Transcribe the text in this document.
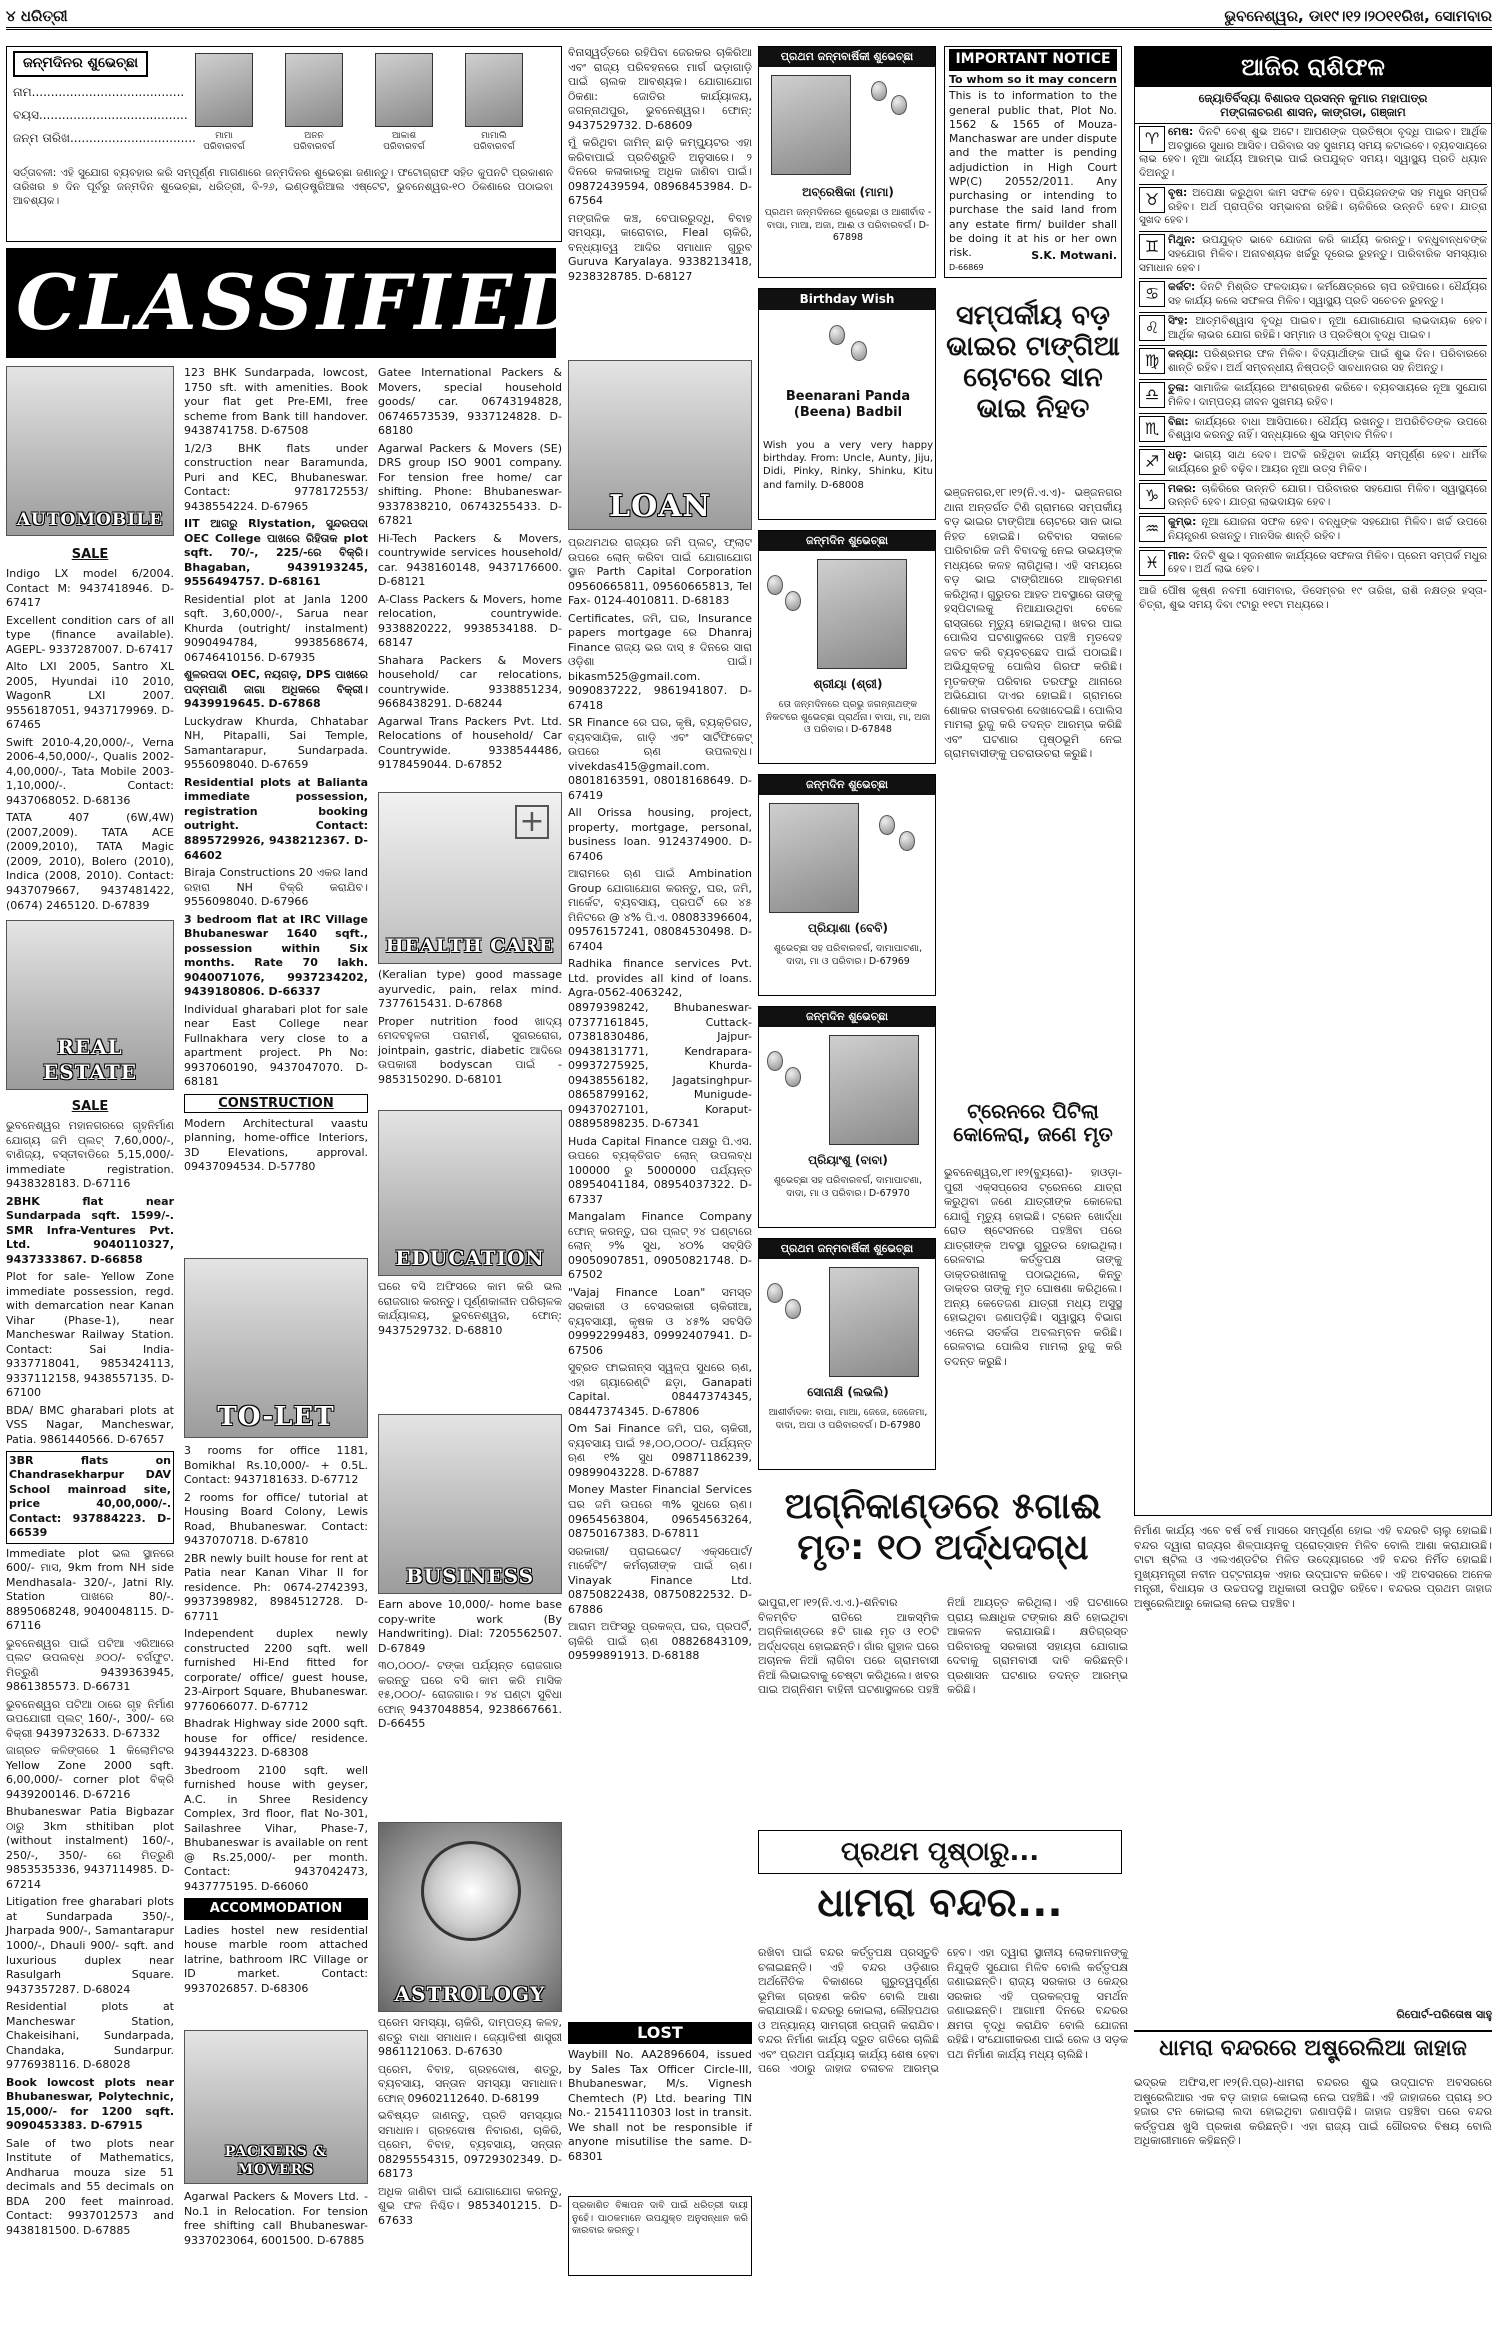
୪ ଧରିତ୍ରୀ	ଭୁବନେଶ୍ୱର, ଡା୧୯।୧୨।୨୦୧୧ରିଖ, ସୋମବାର
ଜନ୍ମଦିନର ଶୁଭେଚ୍ଛା
ନାମ........................................
ବୟସ.......................................
ଜନ୍ମ ତାରିଖ.................................	ମାମା
ପରିବାରବର୍ଗ
ଅନନ
ପରିବାରବର୍ଗ
ଆକାଶ
ପରିବାରବର୍ଗ
ମାମାଲି
ପରିବାରବର୍ଗ
ସର୍ତ୍ତାବଳୀ: ଏହି ସୁଯୋଗ ବ୍ୟବହାର କରି ସମ୍ପୂର୍ଣ୍ଣ ମାଗଣାରେ ଜନ୍ମଦିନର ଶୁଭେଚ୍ଛା ଜଣାନ୍ତୁ। ଫଟୋଗ୍ରାଫ ସହିତ କୁପନଟି ପ୍ରକାଶନ ତାରିଖର ୭ ଦିନ ପୂର୍ବରୁ ଜନ୍ମଦିନ ଶୁଭେଚ୍ଛା, ଧରିତ୍ରୀ, ବି-୨୬, ଇଣ୍ଡଷ୍ଟ୍ରିଆଲ ଏଷ୍ଟେଟ, ଭୁବନେଶ୍ୱର-୧୦ ଠିକଣାରେ ପଠାଇବା ଆବଶ୍ୟକ।
CLASSIFIED
AUTOMOBILE
SALE

Indigo LX model 6/2004. Contact M: 9437418946. D-67417

Excellent condition cars of all type (finance available). AGEPL- 9337287007. D-67417

Alto LXI 2005, Santro XL 2005, Hyundai i10 2010, WagonR LXI 2007. 9556187051, 9437179969. D-67465

Swift 2010-4,20,000/-, Verna 2006-4,50,000/-, Qualis 2002-4,00,000/-, Tata Mobile 2003-1,10,000/-. Contact: 9437068052. D-68136

TATA 407 (6W,4W) (2007,2009). TATA ACE (2009,2010), TATA Magic (2009, 2010), Bolero (2010), Indica (2008, 2010). Contact: 9437079667, 9437481422, (0674) 2465120. D-67839

REAL ESTATE
SALE

ଭୁବନେଶ୍ୱର ମହାନଗରରେ ଗୃହନିର୍ମାଣ ଯୋଗ୍ୟ ଜମି ପ୍ଲଟ୍ 7,60,000/-, ବାଣିଜ୍ୟ, ବସ୍ତୀବାଡିରେ 5,15,000/- immediate registration. 9438328183. D-67116

2BHK flat near Sundarpada sqft. 1599/-. SMR Infra-Ventures Pvt. Ltd. 9040110327, 9437333867. D-66858

Plot for sale- Yellow Zone immediate possession, regd. with demarcation near Kanan Vihar (Phase-1), near Mancheswar Railway Station. Contact: Sai India- 9337718041, 9853424113, 9337112158, 9438557135. D-67100

BDA/ BMC gharabari plots at VSS Nagar, Mancheswar, Patia. 9861440566. D-67657

3BR flats on Chandrasekharpur DAV School mainroad site, price 40,00,000/-. Contact: 937884223. D-66539

Immediate plot ଭଲ ସ୍ଥାନରେ 600/- ମାସ, 9km from NH side Mendhasala- 320/-, Jatni Rly. Station ପାଖରେ 80/-. 8895068248, 9040048115. D-67116

ଭୁବନେଶ୍ୱର ପାଇଁ ପଟିଆ ଏରିଆରେ ପ୍ଲଟ ଉପଲବ୍ଧ ୬୦୦/- ବର୍ଗଫୁଟ. ମିତ୍ରୁଣି 9439363945, 9861385573. D-66731

ଭୁବନେଶ୍ୱର ପଟିଆ ଠାରେ ଗୃହ ନିର୍ମାଣ ଉପଯୋଗୀ ପ୍ଲଟ୍ 160/-, 300/- ରେ ବିକ୍ରୀ 9439732633. D-67332

ଜାଗ୍ରତ କଳିଙ୍ଗରେ 1 କିଲୋମିଟର Yellow Zone 2000 sqft. 6,00,000/- corner plot ବିକ୍ରି 9439200146. D-67216

Bhubaneswar Patia Bigbazar ଠାରୁ 3km sthitiban plot (without instalment) 160/-, 250/-, 350/- ରେ ମିତ୍ରୁଣି 9853535336, 9437114985. D-67214

Litigation free gharabari plots at Sundarpada 350/-, Jharpada 900/-, Samantarapur 1000/-, Dhauli 900/- sqft. and luxurious duplex near Rasulgarh Square. 9437357287. D-68024

Residential plots at Mancheswar Station, Chakeisihani, Sundarpada, Chandaka, Sundarpur. 9776938116. D-68028

Book lowcost plots near Bhubaneswar, Polytechnic, 15,000/- for 1200 sqft. 9090453383. D-67915

Sale of two plots near Institute of Mathematics, Andharua mouza size 51 decimals and 55 decimals on BDA 200 feet mainroad. Contact: 9937012573 and 9438181500. D-67885

123 BHK Sundarpada, lowcost, 1750 sft. with amenities. Book your flat get Pre-EMI, free scheme from Bank till handover. 9438741758. D-67508

1/2/3 BHK flats under construction near Baramunda, Puri and KEC, Bhubaneswar. Contact: 9778172553/ 9438554224. D-67965

IIT ଆଗରୁ Rlystation, ସୁନ୍ଦରପଦା OEC College ପାଖରେ ରିହିତାକ plot sqft. 70/-, 225/-ରେ ବିକ୍ରି। Bhagaban, 9439193245, 9556494757. D-68161

Residential plot at Janla 1200 sqft. 3,60,000/-, Sarua near Khurda (outright/ instalment) 9090494784, 9938568674, 06746410156. D-67935

ଶୁଳରପଦା OEC, ନୟଗଡ଼, DPS ପାଖରେ ପଦ୍ମପାଣି ଜାଗା ଅଧିକରେ ବିକ୍ରୀ। 9439919645. D-67868

Luckydraw Khurda, Chhatabar NH, Pitapalli, Sai Temple, Samantarapur, Sundarpada. 9556098040. D-67659

Residential plots at Balianta immediate possession, registration booking outright. Contact: 8895729926, 9438212367. D-64602

Biraja Constructions 20 ଏକର land ରହାରା NH ବିକ୍ରି କରାଯିବ। 9556098040. D-67966

3 bedroom flat at IRC Village Bhubaneswar 1640 sqft., possession within Six months. Rate 70 lakh. 9040071076, 9937234202, 9439180806. D-66337

Individual gharabari plot for sale near East College near Fullnakhara very close to a apartment project. Ph No: 9937060190, 9437047070. D-68181

CONSTRUCTION

Modern Architectural vaastu planning, home-office Interiors, 3D Elevations, approval. 09437094534. D-57780

TO-LET

3 rooms for office 1181, Bomikhal Rs.10,000/- + 0.5L. Contact: 9437181633. D-67712

2 rooms for office/ tutorial at Housing Board Colony, Lewis Road, Bhubaneswar. Contact: 9437070718. D-67810

2BR newly built house for rent at Patia near Kanan Vihar II for residence. Ph: 0674-2742393, 9937398982, 8984512728. D-67711

Independent duplex newly constructed 2200 sqft. well furnished Hi-End fitted for corporate/ office/ guest house, 23-Airport Square, Bhubaneswar. 9776066077. D-67712

Bhadrak Highway side 2000 sqft. house for office/ residence. 9439443223. D-68308

3bedroom 2100 sqft. well furnished house with geyser, A.C. in Shree Residency Complex, 3rd floor, flat No-301, Sailashree Vihar, Phase-7, Bhubaneswar is available on rent @ Rs.25,000/- per month. Contact: 9437042473, 9437775195. D-66060

ACCOMMODATION

Ladies hostel new residential house marble room attached latrine, bathroom IRC Village or ID market. Contact: 9937026857. D-68306

PACKERS & MOVERS
Agarwal Packers & Movers Ltd. - No.1 in Relocation. For tension free shifting call Bhubaneswar- 9337023064, 6001500. D-67885

Gatee International Packers & Movers, special household goods/ car. 06743194828, 06746573539, 9337124828. D-68180

Agarwal Packers & Movers (SE) DRS group ISO 9001 company. For tension free home/ car shifting. Phone: Bhubaneswar- 9337838210, 06743255433. D-67821

Hi-Tech Packers & Movers, countrywide services household/ car. 9438160148, 9437176600. D-68121

A-Class Packers & Movers, home relocation, countrywide. 9338820222, 9938534188. D-68147

Shahara Packers & Movers household/ car relocations, countrywide. 9338851234, 9668438291. D-68244

Agarwal Trans Packers Pvt. Ltd. Relocations of household/ Car Countrywide. 9338544486, 9178459044. D-67852

+
HEALTH CARE

(Keralian type) good massage ayurvedic, pain, relax mind. 7377615431. D-67868

Proper nutrition food ଖାଦ୍ୟ ମେଦବହୁଳତା ପରାମର୍ଶ, ସୁଗରରୋଗ, jointpain, gastric, diabetic ଆଦିରେ ଉପକାରୀ bodyscan ପାଇଁ - 9853150290. D-68101

EDUCATION
ଘରେ ବସି ଅଫିସରେ କାମ କରି ଭଲ ରୋଜଗାର କରନ୍ତୁ। ପୂର୍ଣ୍ଣକାଳୀନ ପରିଚାଳକ କାର୍ଯ୍ୟାଳୟ, ଭୁବନେଶ୍ୱର, ଫୋନ୍: 9437529732. D-68810
BUSINESS

Earn above 10,000/- home base copy-write work (By Handwriting). Dial: 7205562507. D-67849

୩୦,୦୦୦/- ଟଙ୍କା ପର୍ଯ୍ୟନ୍ତ ରୋଜଗାର କରନ୍ତୁ ଘରେ ବସି କାମ କରି ମାସିକ ୧୫,୦୦୦/- ରୋଜଗାର। ୨୪ ଘଣ୍ଟା ସୁବିଧା ଫୋନ୍ 9437048854, 9238667661. D-66455

ASTROLOGY

ପ୍ରେମ ସମସ୍ୟା, ଚାକିରି, ଦାମ୍ପତ୍ୟ କଳହ, ଶତ୍ରୁ ବାଧା ସମାଧାନ। ଜ୍ୟୋତିଷୀ ଶାସ୍ତ୍ରୀ 9861121063. D-67630

ପ୍ରେମ, ବିବାହ, ଗ୍ରହଦୋଷ, ଶତ୍ରୁ, ବ୍ୟବସାୟ, ସନ୍ତାନ ସମସ୍ୟା ସମାଧାନ। ଫୋନ୍ 09602112640. D-68199

ଭବିଷ୍ୟତ ଜାଣନ୍ତୁ, ପ୍ରତି ସମସ୍ୟାର ସମାଧାନ। ଗ୍ରହଦୋଷ ନିବାରଣ, ଚାକିରି, ପ୍ରେମ, ବିବାହ, ବ୍ୟବସାୟ, ସନ୍ତାନ 08295554315, 09729302349. D-68173

ଅଧିକ ଜାଣିବା ପାଇଁ ଯୋଗାଯୋଗ କରନ୍ତୁ, ଶୁଭ ଫଳ ନିଶ୍ଚିତ। 9853401215. D-67633

ବିନାସ୍ୱର୍ତ୍ତରେ ରହିପିବା ଜେରକର ଚାକିରିଆ ଏବଂ ରାଜ୍ୟ ପରିବହନରେ ମାର୍ଗ ଭଡ଼ାଗାଡ଼ି ପାଇଁ ଚାଲକ ଆବଶ୍ୟକ। ଯୋଗାଯୋଗ ଠିକଣା: ଜୋତିର କାର୍ଯ୍ୟାଳୟ, ଜଗନ୍ନାଥପୁର, ଭୁବନେଶ୍ୱର। ଫୋନ୍: 9437529732. D-68609

ମୁଁ କରିଥିବା ଜାମିନ୍ ଛାଡ଼ି କମ୍ପ୍ୟୁଟର ଏହା କରିବାପାଇଁ ପ୍ରତିଶ୍ରୁତି ଅନୁସାରେ। ୨ ଦିନରେ କଳାକାରକୁ ଅଧିକ ଜାଣିବା ପାଇଁ। 09872439594, 08968453984. D-67564

ମଙ୍ଗଳିକ କଞ୍ଚ, ବେପାରରୁଦ୍ଧି, ବିବାହ ସମସ୍ୟା, କାରୋବାର, Fleal ଚାକିରି, ବନ୍ଧ୍ୟାତ୍ୱ ଆଦିର ସମାଧାନ ଗୁରୁବ Guruva Karyalaya. 9338213418, 9238328785. D-68127

LOAN

ପ୍ରଥମଥର ରାଜ୍ୟର ଜମି ପ୍ଲଟ୍, ଫ୍ଲାଟ ଉପରେ ଲୋନ୍ କରିବା ପାଇଁ ଯୋଗାଯୋଗ ସ୍ଥାନ Parth Capital Corporation 09560665811, 09560665813, Tel Fax- 0124-4010811. D-68183

Certificates, ଜମି, ଘର, Insurance papers mortgage ରେ Dhanraj Finance ରାଜ୍ୟ ଭର ଦାସ୍ ୫ ଦିନରେ ସାରା ଓଡ଼ିଶା ପାଇଁ। bikasm525@gmail.com. 9090837222, 9861941807. D-67418

SR Finance ରେ ଘର, କୃଷି, ବ୍ୟକ୍ତିଗତ, ବ୍ୟବସାୟିକ, ଗାଡ଼ି ଏବଂ ସାର୍ଟିଫିକେଟ୍ ଉପରେ ଋଣ ଉପଲବ୍ଧ। vivekdas415@gmail.com. 08018163591, 08018168649. D-67419

All Orissa housing, project, property, mortgage, personal, business loan. 9124374900. D-67406

ଆରାମରେ ଋଣ ପାଇଁ Ambination Group ଯୋଗାଯୋଗ କରନ୍ତୁ, ଘର, ଜମି, ମାର୍କେଟ, ବ୍ୟବସାୟ, ପ୍ରପର୍ଟି ରେ ୪୫ ମିନିଟରେ @ ୪% ପି.ଏ. 08083396604, 09576157241, 08084530498. D-67404

Radhika finance services Pvt. Ltd. provides all kind of loans. Agra-0562-4063242, 08979398242, Bhubaneswar-07377161845, Cuttack-07381830486, Jajpur-09438131771, Kendrapara-09937275925, Khurda-09438556182, Jagatsinghpur-08658799162, Munigude-09437027101, Koraput-08895898235. D-67341

Huda Capital Finance ପକ୍ଷରୁ ପି.ଏସ. ଉପରେ ବ୍ୟକ୍ତିଗତ ଲୋନ୍ ଉପଲବ୍ଧ 100000 ରୁ 5000000 ପର୍ଯ୍ୟନ୍ତ 08954041184, 08954037322. D-67337

Mangalam Finance Company ଫୋନ୍ କରନ୍ତୁ, ଘର ପ୍ଲଟ୍ ୨୪ ଘଣ୍ଟାରେ ଲୋନ୍ ୨% ସୁଧ, ୪୦% ସବ୍‌ସିଡି 09050907851, 09050821748. D-67502

"Vajaj Finance Loan" ସମସ୍ତ ସରକାରୀ ଓ ବେସରକାରୀ ଚାକିରୀଆ, ବ୍ୟବସାୟୀ, କୃଷକ ଓ ୪୫% ସବସିଡି 09992299483, 09992407941. D-67506

ସୁବ୍ରତ ଫାଇନାନ୍ସ ସ୍ୱଳ୍ପ ସୁଧରେ ଋଣ, ଏହା ଗ୍ୟାରେଣ୍ଟି ଛଡ଼ା, Ganapati Capital. 08447374345, 08447374345. D-67806

Om Sai Finance ଜମି, ଘର, ଚାକିରୀ, ବ୍ୟବସାୟ ପାଇଁ ୨୫,୦୦,୦୦୦/- ପର୍ଯ୍ୟନ୍ତ ଋଣ ୧% ସୁଧ 09871186239, 09899043228. D-67887

Money Master Financial Services ଘର ଜମି ଉପରେ ୩% ସୁଧରେ ଋଣ। 09654563804, 09654563264, 08750167383. D-67811

ସରକାରୀ/ ପ୍ରାଇଭେଟ/ ଏକ୍ସପୋର୍ଟ/ ମାର୍କେଟିଂ/ କର୍ମଚାରୀଙ୍କ ପାଇଁ ଋଣ। Vinayak Finance Ltd. 08750822438, 08750822532. D-67886

ଆରାମ ଅଫିସରୁ ପ୍ରକଳ୍ପ, ଘର, ପ୍ରପର୍ଟି, ଚାକିରି ପାଇଁ ଋଣ 08826843109, 09599891913. D-68188

LOST
Waybill No. AA2896604, issued by Sales Tax Officer Circle-III, Bhubaneswar, M/s. Vignesh Chemtech (P) Ltd. bearing TIN No.- 21541110303 lost in transit. We shall not be responsible if anyone misutilise the same. D-68301
ପ୍ରକାଶିତ ବିଜ୍ଞାପନ ଦାବି ପାଇଁ ଧରିତ୍ରୀ ଦାୟୀ ନୁହେଁ। ପାଠକମାନେ ଉପଯୁକ୍ତ ଅନୁସନ୍ଧାନ କରି କାରବାର କରନ୍ତୁ।
ପ୍ରଥମ ଜନ୍ମବାର୍ଷିକୀ ଶୁଭେଚ୍ଛା
ଅବ୍ରେଷିକା (ମାମା)
ପ୍ରଥମ ଜନ୍ମଦିନରେ ଶୁଭେଚ୍ଛା ଓ ଆଶୀର୍ବାଦ - ବାପା, ମାଆ, ଅଜା, ଆଈ ଓ ପରିବାରବର୍ଗ। D-67898
Birthday Wish
Beenarani Panda (Beena) Badbil
Wish you a very very happy birthday. From: Uncle, Aunty, Jiju, Didi, Pinky, Rinky, Shinku, Kitu and family. D-68008
ଜନ୍ମଦିନ ଶୁଭେଚ୍ଛା
ଶ୍ରୀୟା (ଶ୍ରୀ)
ତୋ ଜନ୍ମଦିନରେ ପ୍ରଭୁ ଜଗନ୍ନାଥଙ୍କ ନିକଟରେ ଶୁଭେଚ୍ଛା ପ୍ରାର୍ଥନା। ବାପା, ମା, ଅଜା ଓ ପରିବାର। D-67848
ଜନ୍ମଦିନ ଶୁଭେଚ୍ଛା
ପ୍ରିୟାଶା (ବେବି)
ଶୁଭେଚ୍ଛା ସହ ପରିବାରବର୍ଗ, ଦାମାପାଟଣା, ଦାଦା, ମା ଓ ପରିବାର। D-67969
ଜନ୍ମଦିନ ଶୁଭେଚ୍ଛା
ପ୍ରିୟାଂଶୁ (ବାବା)
ଶୁଭେଚ୍ଛା ସହ ପରିବାରବର୍ଗ, ଦାମାପାଟଣା, ଦାଦା, ମା ଓ ପରିବାର। D-67970
ପ୍ରଥମ ଜନ୍ମବାର୍ଷିକୀ ଶୁଭେଚ୍ଛା
ସୋନାକ୍ଷି (ଲଭଲି)
ଆଶୀର୍ବାଦକ: ବାପା, ମାଆ, ଜେଜେ, ଜେଜେମା, ଦାଦା, ଅପା ଓ ପରିବାରବର୍ଗ। D-67980
IMPORTANT NOTICE
To whom so it may concern
This is to information to the general public that, Plot No. 1562 & 1565 of Mouza- Manchaswar are under dispute and the matter is pending adjudiction in High Court WP(C) 20552/2011. Any purchasing or intending to purchase the said land from any estate firm/ builder shall be doing it at his or her own risk.	S.K. Motwani.
D-66869
ସମ୍ପର୍କୀୟ ବଡ଼ ଭାଇର ଟାଙ୍ଗିଆ ଚୋଟରେ ସାନ ଭାଇ ନିହତ
ଭଞ୍ଜନଗର,୧୮।୧୨(ନି.ଏ.ଏ)- ଭଞ୍ଜନଗର ଥାନା ଅନ୍ତର୍ଗତ ଟିଣି ଗ୍ରାମରେ ସମ୍ପର୍କୀୟ ବଡ଼ ଭାଇର ଟାଙ୍ଗିଆ ଚୋଟରେ ସାନ ଭାଇ ନିହତ ହୋଇଛି। ରବିବାର ସକାଳେ ପାରିବାରିକ ଜମି ବିବାଦକୁ ନେଇ ଉଭୟଙ୍କ ମଧ୍ୟରେ କଳହ ଲାଗିଥିଲା। ଏହି ସମୟରେ ବଡ଼ ଭାଇ ଟାଙ୍ଗିଆରେ ଆକ୍ରମଣ କରିଥିଲା। ଗୁରୁତର ଆହତ ଅବସ୍ଥାରେ ତାଙ୍କୁ ହସ୍ପିଟାଲକୁ ନିଆଯାଉଥିବା ବେଳେ ରାସ୍ତାରେ ମୃତ୍ୟୁ ହୋଇଥିଲା। ଖବର ପାଇ ପୋଲିସ ଘଟଣାସ୍ଥଳରେ ପହଞ୍ଚି ମୃତଦେହ ଜବତ କରି ବ୍ୟବଚ୍ଛେଦ ପାଇଁ ପଠାଇଛି। ଅଭିଯୁକ୍ତକୁ ପୋଲିସ ଗିରଫ କରିଛି। ମୃତକଙ୍କ ପରିବାର ତରଫରୁ ଥାନାରେ ଅଭିଯୋଗ ଦାଏର ହୋଇଛି। ଗ୍ରାମରେ ଶୋକର ବାତାବରଣ ଦେଖାଦେଇଛି। ପୋଲିସ ମାମଲା ରୁଜୁ କରି ତଦନ୍ତ ଆରମ୍ଭ କରିଛି ଏବଂ ଘଟଣାର ପୃଷ୍ଠଭୂମି ନେଇ ଗ୍ରାମବାସୀଙ୍କୁ ପଚରାଉଚରା କରୁଛି।
ଟ୍ରେନରେ ପିଟିଲା କୋଳେରା, ଜଣେ ମୃତ
ଭୁବନେଶ୍ୱର,୧୮।୧୨(ବ୍ୟୁରୋ)- ହାଓଡ଼ା-ପୁରୀ ଏକ୍ସପ୍ରେସ ଟ୍ରେନରେ ଯାତ୍ରା କରୁଥିବା ଜଣେ ଯାତ୍ରୀଙ୍କ କୋଳେରା ଯୋଗୁଁ ମୃତ୍ୟୁ ହୋଇଛି। ଟ୍ରେନ ଖୋର୍ଦ୍ଧା ରୋଡ ଷ୍ଟେସନରେ ପହଞ୍ଚିବା ପରେ ଯାତ୍ରୀଙ୍କ ଅବସ୍ଥା ଗୁରୁତର ହୋଇଥିଲା। ରେଳବାଇ କର୍ତ୍ତୃପକ୍ଷ ତାଙ୍କୁ ଡାକ୍ତରଖାନାକୁ ପଠାଇଥିଲେ, କିନ୍ତୁ ଡାକ୍ତର ତାଙ୍କୁ ମୃତ ଘୋଷଣା କରିଥିଲେ। ଅନ୍ୟ କେତେଜଣ ଯାତ୍ରୀ ମଧ୍ୟ ଅସୁସ୍ଥ ହୋଇଥିବା ଜଣାପଡ଼ିଛି। ସ୍ୱାସ୍ଥ୍ୟ ବିଭାଗ ଏନେଇ ସତର୍କତା ଅବଲମ୍ବନ କରିଛି। ରେଳବାଇ ପୋଲିସ ମାମଲା ରୁଜୁ କରି ତଦନ୍ତ କରୁଛି।
ଅଗ୍ନିକାଣ୍ଡରେ ୫ଗାଈ ମୃତ: ୧୦ ଅର୍ଦ୍ଧଦଗ୍ଧ
ଭାପୁରା,୧୮।୧୨(ନି.ଏ.ଏ.)-ଶନିବାର ବିଳମ୍ବିତ ରାତିରେ ଆକସ୍ମିକ ଅଗ୍ନିକାଣ୍ଡରେ ୫ଟି ଗାଈ ମୃତ ଓ ୧୦ଟି ଅର୍ଦ୍ଧଦଗ୍ଧ ହୋଇଛନ୍ତି। ଗାଁର ଗୁହାଳ ଘରେ ଅଚାନକ ନିଆଁ ଲାଗିବା ପରେ ଗ୍ରାମବାସୀ ନିଆଁ ଲିଭାଇବାକୁ ଚେଷ୍ଟା କରିଥିଲେ। ଖବର ପାଇ ଅଗ୍ନିଶମ ବାହିନୀ ଘଟଣାସ୍ଥଳରେ ପହଞ୍ଚି ନିଆଁ ଆୟତ୍ତ କରିଥିଲା। ଏହି ଘଟଣାରେ ପ୍ରାୟ ଲକ୍ଷାଧିକ ଟଙ୍କାର କ୍ଷତି ହୋଇଥିବା ଆକଳନ କରାଯାଉଛି। କ୍ଷତିଗ୍ରସ୍ତ ପରିବାରକୁ ସରକାରୀ ସହାୟତା ଯୋଗାଇ ଦେବାକୁ ଗ୍ରାମବାସୀ ଦାବି କରିଛନ୍ତି। ପ୍ରଶାସନ ଘଟଣାର ତଦନ୍ତ ଆରମ୍ଭ କରିଛି।
ପ୍ରଥମ ପୃଷ୍ଠାରୁ...
ଧାମରା ବନ୍ଦର...
ରଖିବା ପାଇଁ ବନ୍ଦର କର୍ତ୍ତୃପକ୍ଷ ପ୍ରସ୍ତୁତି ଚଳାଇଛନ୍ତି। ଏହି ବନ୍ଦର ଓଡ଼ିଶାର ଅର୍ଥନୈତିକ ବିକାଶରେ ଗୁରୁତ୍ୱପୂର୍ଣ୍ଣ ଭୂମିକା ଗ୍ରହଣ କରିବ ବୋଲି ଆଶା କରାଯାଉଛି। ବନ୍ଦରରୁ କୋଇଲା, ଲୌହପଥର ଓ ଅନ୍ୟାନ୍ୟ ସାମଗ୍ରୀ ରପ୍ତାନି କରାଯିବ। ବନ୍ଦର ନିର୍ମାଣ କାର୍ଯ୍ୟ ଦ୍ରୁତ ଗତିରେ ଚାଲିଛି ଏବଂ ପ୍ରଥମ ପର୍ଯ୍ୟାୟ କାର୍ଯ୍ୟ ଶେଷ ହେବା ପରେ ଏଠାରୁ ଜାହାଜ ଚଳାଚଳ ଆରମ୍ଭ ହେବ। ଏହା ଦ୍ୱାରା ସ୍ଥାନୀୟ ଲୋକମାନଙ୍କୁ ନିଯୁକ୍ତି ସୁଯୋଗ ମିଳିବ ବୋଲି କର୍ତ୍ତୃପକ୍ଷ ଜଣାଇଛନ୍ତି। ରାଜ୍ୟ ସରକାର ଓ କେନ୍ଦ୍ର ସରକାର ଏହି ପ୍ରକଳ୍ପକୁ ସମର୍ଥନ ଜଣାଇଛନ୍ତି। ଆଗାମୀ ଦିନରେ ବନ୍ଦରର କ୍ଷମତା ବୃଦ୍ଧି କରାଯିବ ବୋଲି ଯୋଜନା ରହିଛି। ସଂଯୋଗୀକରଣ ପାଇଁ ରେଳ ଓ ସଡ଼କ ପଥ ନିର୍ମାଣ କାର୍ଯ୍ୟ ମଧ୍ୟ ଚାଲିଛି।
ଆଜିର ରାଶିଫଳ
ଜ୍ୟୋତିର୍ବିଦ୍ୟା ବିଶାରଦ ପ୍ରସନ୍ନ କୁମାର ମହାପାତ୍ର
ମଙ୍ଗଳାଚରଣ ଶାସନ, କାଙ୍ଗଡା, ଗଞ୍ଜାମ
♈ ମେଷ: ଦିନଟି ବେଶ୍ ଶୁଭ ଅଟେ। ଆପଣଙ୍କ ପ୍ରତିଷ୍ଠା ବୃଦ୍ଧି ପାଇବ। ଆର୍ଥିକ ଅବସ୍ଥାରେ ସୁଧାର ଆସିବ। ପରିବାର ସହ ସୁଖମୟ ସମୟ କଟାଇବେ। ବ୍ୟବସାୟରେ ଲାଭ ହେବ। ନୂଆ କାର୍ଯ୍ୟ ଆରମ୍ଭ ପାଇଁ ଉପଯୁକ୍ତ ସମୟ। ସ୍ୱାସ୍ଥ୍ୟ ପ୍ରତି ଧ୍ୟାନ ଦିଅନ୍ତୁ।
♉ ବୃଷ: ଅପେକ୍ଷା କରୁଥିବା କାମ ସଫଳ ହେବ। ପ୍ରିୟଜନଙ୍କ ସହ ମଧୁର ସମ୍ପର୍କ ରହିବ। ଅର୍ଥ ପ୍ରାପ୍ତିର ସମ୍ଭାବନା ରହିଛି। ଚାକିରିରେ ଉନ୍ନତି ହେବ। ଯାତ୍ରା ସୁଖଦ ହେବ।
♊ ମିଥୁନ: ଉପଯୁକ୍ତ ଭାବେ ଯୋଜନା କରି କାର୍ଯ୍ୟ କରନ୍ତୁ। ବନ୍ଧୁବାନ୍ଧବଙ୍କ ସହଯୋଗ ମିଳିବ। ଅନାବଶ୍ୟକ ଖର୍ଚ୍ଚରୁ ଦୂରେଇ ରୁହନ୍ତୁ। ପାରିବାରିକ ସମସ୍ୟାର ସମାଧାନ ହେବ।
♋ କର୍କଟ: ଦିନଟି ମିଶ୍ରିତ ଫଳଦାୟକ। କର୍ମକ୍ଷେତ୍ରରେ ଚାପ ରହିପାରେ। ଧୈର୍ଯ୍ୟର ସହ କାର୍ଯ୍ୟ କଲେ ସଫଳତା ମିଳିବ। ସ୍ୱାସ୍ଥ୍ୟ ପ୍ରତି ସଚେତନ ରୁହନ୍ତୁ।
♌ ସିଂହ: ଆତ୍ମବିଶ୍ୱାସ ବୃଦ୍ଧି ପାଇବ। ନୂଆ ଯୋଗାଯୋଗ ଲାଭଦାୟକ ହେବ। ଆର୍ଥିକ ଲାଭର ଯୋଗ ରହିଛି। ସମ୍ମାନ ଓ ପ୍ରତିଷ୍ଠା ବୃଦ୍ଧି ପାଇବ।
♍ କନ୍ୟା: ପରିଶ୍ରମର ଫଳ ମିଳିବ। ବିଦ୍ୟାର୍ଥୀଙ୍କ ପାଇଁ ଶୁଭ ଦିନ। ପରିବାରରେ ଶାନ୍ତି ରହିବ। ଅର୍ଥ ସମ୍ବନ୍ଧୀୟ ନିଷ୍ପତ୍ତି ସାବଧାନତାର ସହ ନିଅନ୍ତୁ।
♎ ତୁଳା: ସାମାଜିକ କାର୍ଯ୍ୟରେ ଅଂଶଗ୍ରହଣ କରିବେ। ବ୍ୟବସାୟରେ ନୂଆ ସୁଯୋଗ ମିଳିବ। ଦାମ୍ପତ୍ୟ ଜୀବନ ସୁଖମୟ ରହିବ।
♏ ବିଛା: କାର୍ଯ୍ୟରେ ବାଧା ଆସିପାରେ। ଧୈର୍ଯ୍ୟ ରଖନ୍ତୁ। ଅପରିଚିତଙ୍କ ଉପରେ ବିଶ୍ୱାସ କରନ୍ତୁ ନାହିଁ। ସନ୍ଧ୍ୟାରେ ଶୁଭ ସମ୍ବାଦ ମିଳିବ।
♐ ଧନୁ: ଭାଗ୍ୟ ସାଥ ଦେବ। ଅଟକି ରହିଥିବା କାର୍ଯ୍ୟ ସମ୍ପୂର୍ଣ୍ଣ ହେବ। ଧାର୍ମିକ କାର୍ଯ୍ୟରେ ରୁଚି ବଢ଼ିବ। ଆୟର ନୂଆ ଉତ୍ସ ମିଳିବ।
♑ ମକର: ଚାକିରିରେ ଉନ୍ନତି ଯୋଗ। ପରିବାରର ସହଯୋଗ ମିଳିବ। ସ୍ୱାସ୍ଥ୍ୟରେ ଉନ୍ନତି ହେବ। ଯାତ୍ରା ଲାଭଦାୟକ ହେବ।
♒ କୁମ୍ଭ: ନୂଆ ଯୋଜନା ସଫଳ ହେବ। ବନ୍ଧୁଙ୍କ ସହଯୋଗ ମିଳିବ। ଖର୍ଚ୍ଚ ଉପରେ ନିୟନ୍ତ୍ରଣ ରଖନ୍ତୁ। ମାନସିକ ଶାନ୍ତି ରହିବ।
♓ ମୀନ: ଦିନଟି ଶୁଭ। ସୃଜନଶୀଳ କାର୍ଯ୍ୟରେ ସଫଳତା ମିଳିବ। ପ୍ରେମ ସମ୍ପର୍କ ମଧୁର ହେବ। ଅର୍ଥ ଲାଭ ହେବ।
ଆଜି ପୌଷ କୃଷ୍ଣ ନବମୀ ସୋମବାର, ଡିସେମ୍ବର ୧୯ ତାରିଖ, ରାଶି ନକ୍ଷତ୍ର ହସ୍ତା-ଚିତ୍ରା, ଶୁଭ ସମୟ ଦିବା ୯ଟାରୁ ୧୧ଟା ମଧ୍ୟରେ।
ନିର୍ମାଣ କାର୍ଯ୍ୟ ଏବେ ବର୍ଷ ବର୍ଷ ମାସରେ ସମ୍ପୂର୍ଣ୍ଣ ହୋଇ ଏହି ବନ୍ଦରଟି ଚାଲୁ ହୋଇଛି। ବନ୍ଦର ଦ୍ୱାରା ରାଜ୍ୟର ଶିଳ୍ପାୟନକୁ ପ୍ରୋତ୍ସାହନ ମିଳିବ ବୋଲି ଆଶା କରାଯାଉଛି। ଟାଟା ଷ୍ଟିଲ ଓ ଏଲଏଣ୍ଡଟିର ମିଳିତ ଉଦ୍ୟୋଗରେ ଏହି ବନ୍ଦର ନିର୍ମିତ ହୋଇଛି। ମୁଖ୍ୟମନ୍ତ୍ରୀ ନବୀନ ପଟ୍ଟନାୟକ ଏହାର ଉଦ୍‌ଘାଟନ କରିବେ। ଏହି ଅବସରରେ ଅନେକ ମନ୍ତ୍ରୀ, ବିଧାୟକ ଓ ଉଚ୍ଚପଦସ୍ଥ ଅଧିକାରୀ ଉପସ୍ଥିତ ରହିବେ। ବନ୍ଦରର ପ୍ରଥମ ଜାହାଜ ଅଷ୍ଟ୍ରେଲିଆରୁ କୋଇଲା ନେଇ ପହଞ୍ଚିବ।
ରିପୋର୍ଟ-ପରିତୋଷ ସାହୁ
ଧାମରା ବନ୍ଦରରେ ଅଷ୍ଟ୍ରେଲିଆ ଜାହାଜ
ଭଦ୍ରକ ଅଫିସ,୧୮।୧୨(ନି.ପ୍ର)-ଧାମରା ବନ୍ଦରର ଶୁଭ ଉଦ୍‌ଘାଟନ ଅବସରରେ ଅଷ୍ଟ୍ରେଲିଆର ଏକ ବଡ଼ ଜାହାଜ କୋଇଲା ନେଇ ପହଞ୍ଚିଛି। ଏହି ଜାହାଜରେ ପ୍ରାୟ ୭୦ ହଜାର ଟନ କୋଇଲା ଲଦା ହୋଇଥିବା ଜଣାପଡ଼ିଛି। ଜାହାଜ ପହଞ୍ଚିବା ପରେ ବନ୍ଦର କର୍ତ୍ତୃପକ୍ଷ ଖୁସି ପ୍ରକାଶ କରିଛନ୍ତି। ଏହା ରାଜ୍ୟ ପାଇଁ ଗୌରବର ବିଷୟ ବୋଲି ଅଧିକାରୀମାନେ କହିଛନ୍ତି।
